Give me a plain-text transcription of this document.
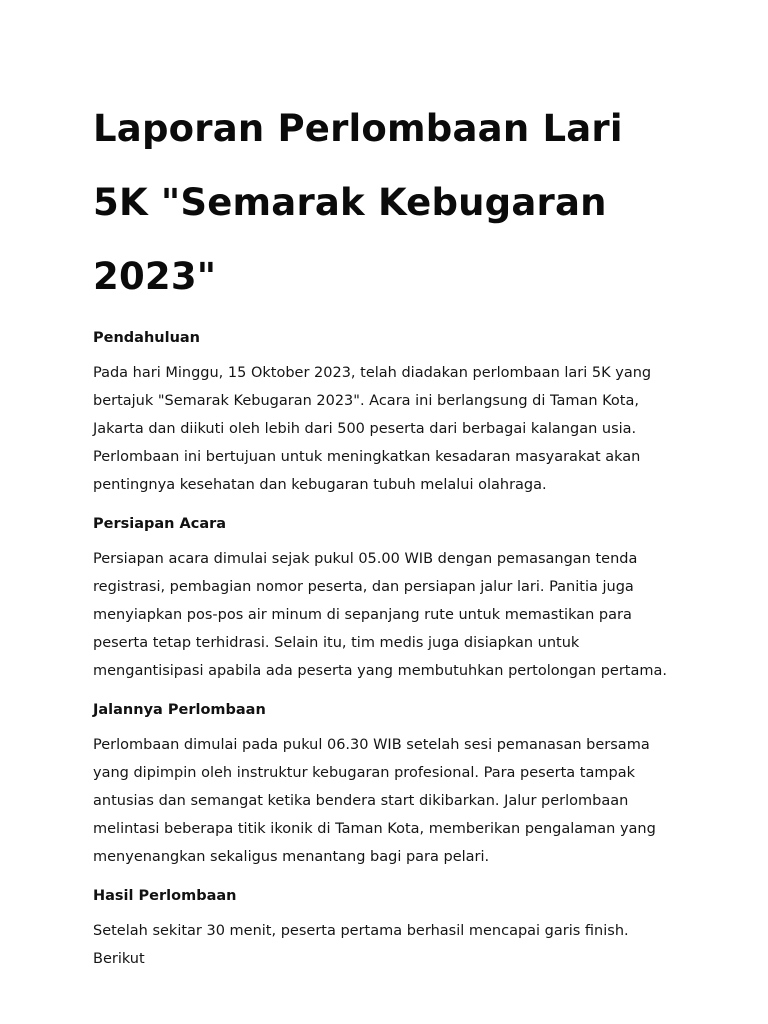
Laporan Perlombaan Lari 5K "Semarak Kebugaran 2023"
Pendahuluan

Pada hari Minggu, 15 Oktober 2023, telah diadakan perlombaan lari 5K yang bertajuk "Semarak Kebugaran 2023". Acara ini berlangsung di Taman Kota, Jakarta dan diikuti oleh lebih dari 500 peserta dari berbagai kalangan usia. Perlombaan ini bertujuan untuk meningkatkan kesadaran masyarakat akan pentingnya kesehatan dan kebugaran tubuh melalui olahraga.

Persiapan Acara

Persiapan acara dimulai sejak pukul 05.00 WIB dengan pemasangan tenda registrasi, pembagian nomor peserta, dan persiapan jalur lari. Panitia juga menyiapkan pos-pos air minum di sepanjang rute untuk memastikan para peserta tetap terhidrasi. Selain itu, tim medis juga disiapkan untuk mengantisipasi apabila ada peserta yang membutuhkan pertolongan pertama.

Jalannya Perlombaan

Perlombaan dimulai pada pukul 06.30 WIB setelah sesi pemanasan bersama yang dipimpin oleh instruktur kebugaran profesional. Para peserta tampak antusias dan semangat ketika bendera start dikibarkan. Jalur perlombaan melintasi beberapa titik ikonik di Taman Kota, memberikan pengalaman yang menyenangkan sekaligus menantang bagi para pelari.

Hasil Perlombaan

Setelah sekitar 30 menit, peserta pertama berhasil mencapai garis finish. Berikut
